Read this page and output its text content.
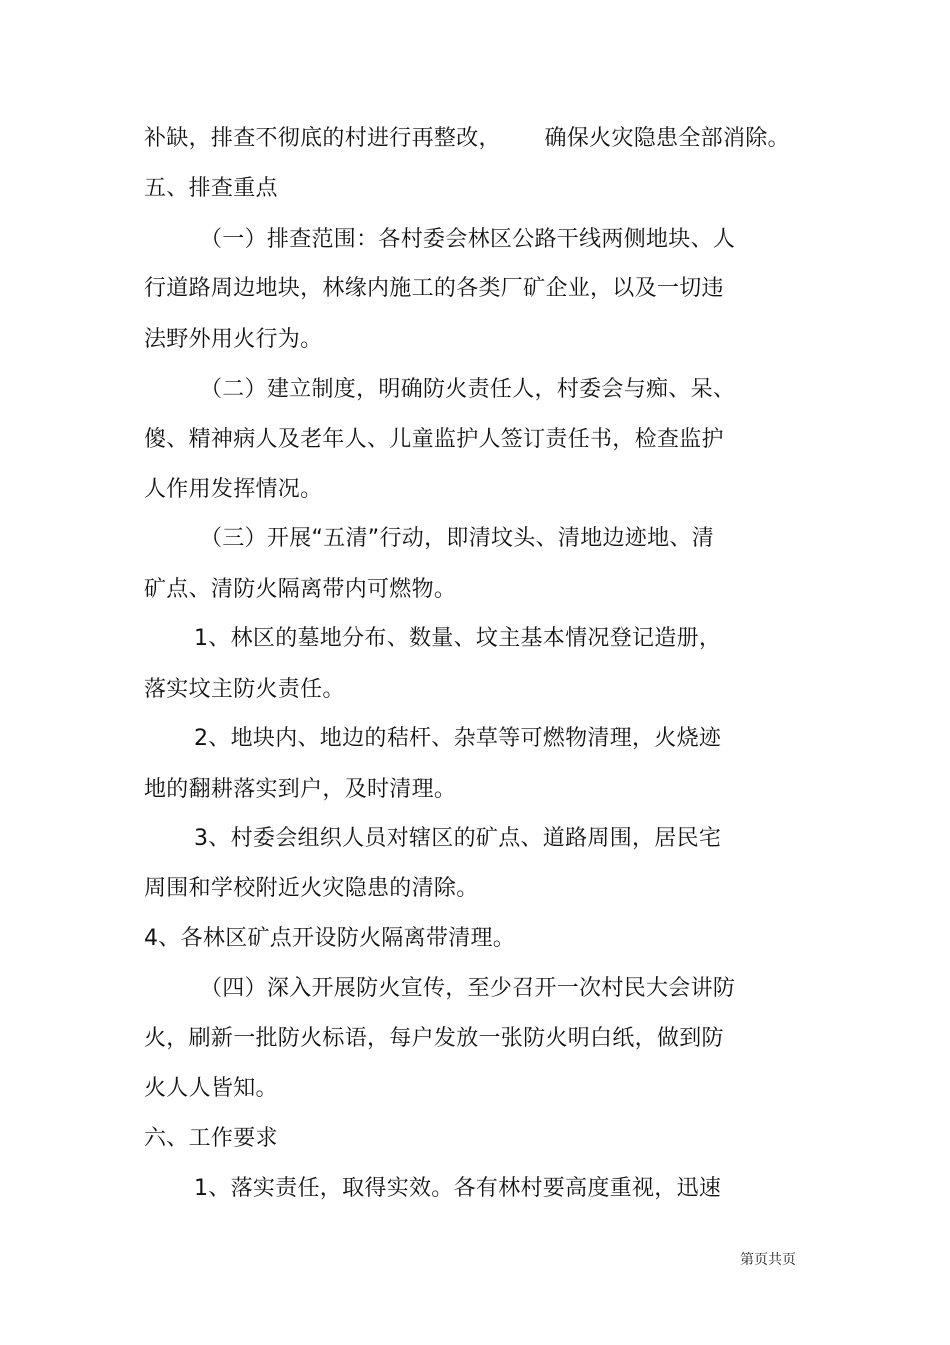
补缺，排查不彻底的村进行再整改，      确保火灾隐患全部消除。
五、排查重点
（一）排查范围：各村委会林区公路干线两侧地块、人
行道路周边地块，林缘内施工的各类厂矿企业，以及一切违
法野外用火行为。
（二）建立制度，明确防火责任人，村委会与痴、呆、
傻、精神病人及老年人、儿童监护人签订责任书，检查监护
人作用发挥情况。
（三）开展“五清”行动，即清坟头、清地边迹地、清
矿点、清防火隔离带内可燃物。
1、林区的墓地分布、数量、坟主基本情况登记造册，
落实坟主防火责任。
2、地块内、地边的秸杆、杂草等可燃物清理，火烧迹
地的翻耕落实到户，及时清理。
3、村委会组织人员对辖区的矿点、道路周围，居民宅
周围和学校附近火灾隐患的清除。
4、各林区矿点开设防火隔离带清理。
（四）深入开展防火宣传，至少召开一次村民大会讲防
火，刷新一批防火标语，每户发放一张防火明白纸，做到防
火人人皆知。
六、工作要求
1、落实责任，取得实效。各有林村要高度重视，迅速
第页共页
